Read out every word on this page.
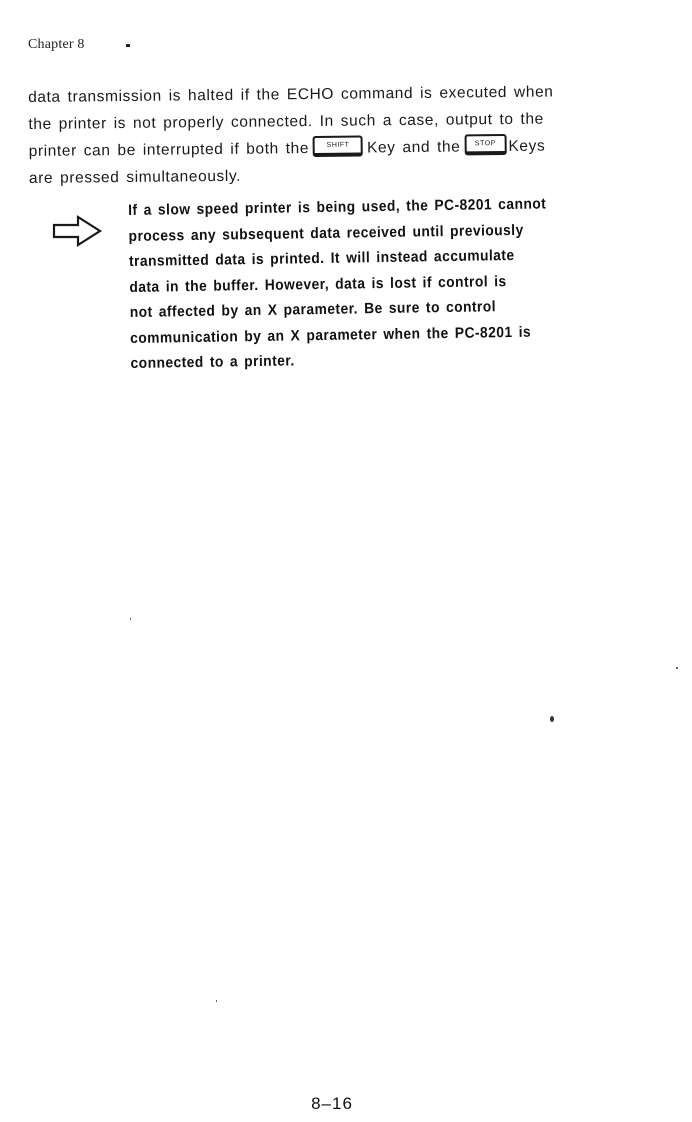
Chapter 8
data transmission is halted if the ECHO command is executed when
the printer is not properly connected. In such a case, output to the
printer can be interrupted if both the SHIFT Key and the STOP Keys
are pressed simultaneously.
If a slow speed printer is being used, the PC-8201 cannot
process any subsequent data received until previously
transmitted data is printed. It will instead accumulate
data in the buffer. However, data is lost if control is
not affected by an X parameter. Be sure to control
communication by an X parameter when the PC-8201 is
connected to a printer.
8–16
